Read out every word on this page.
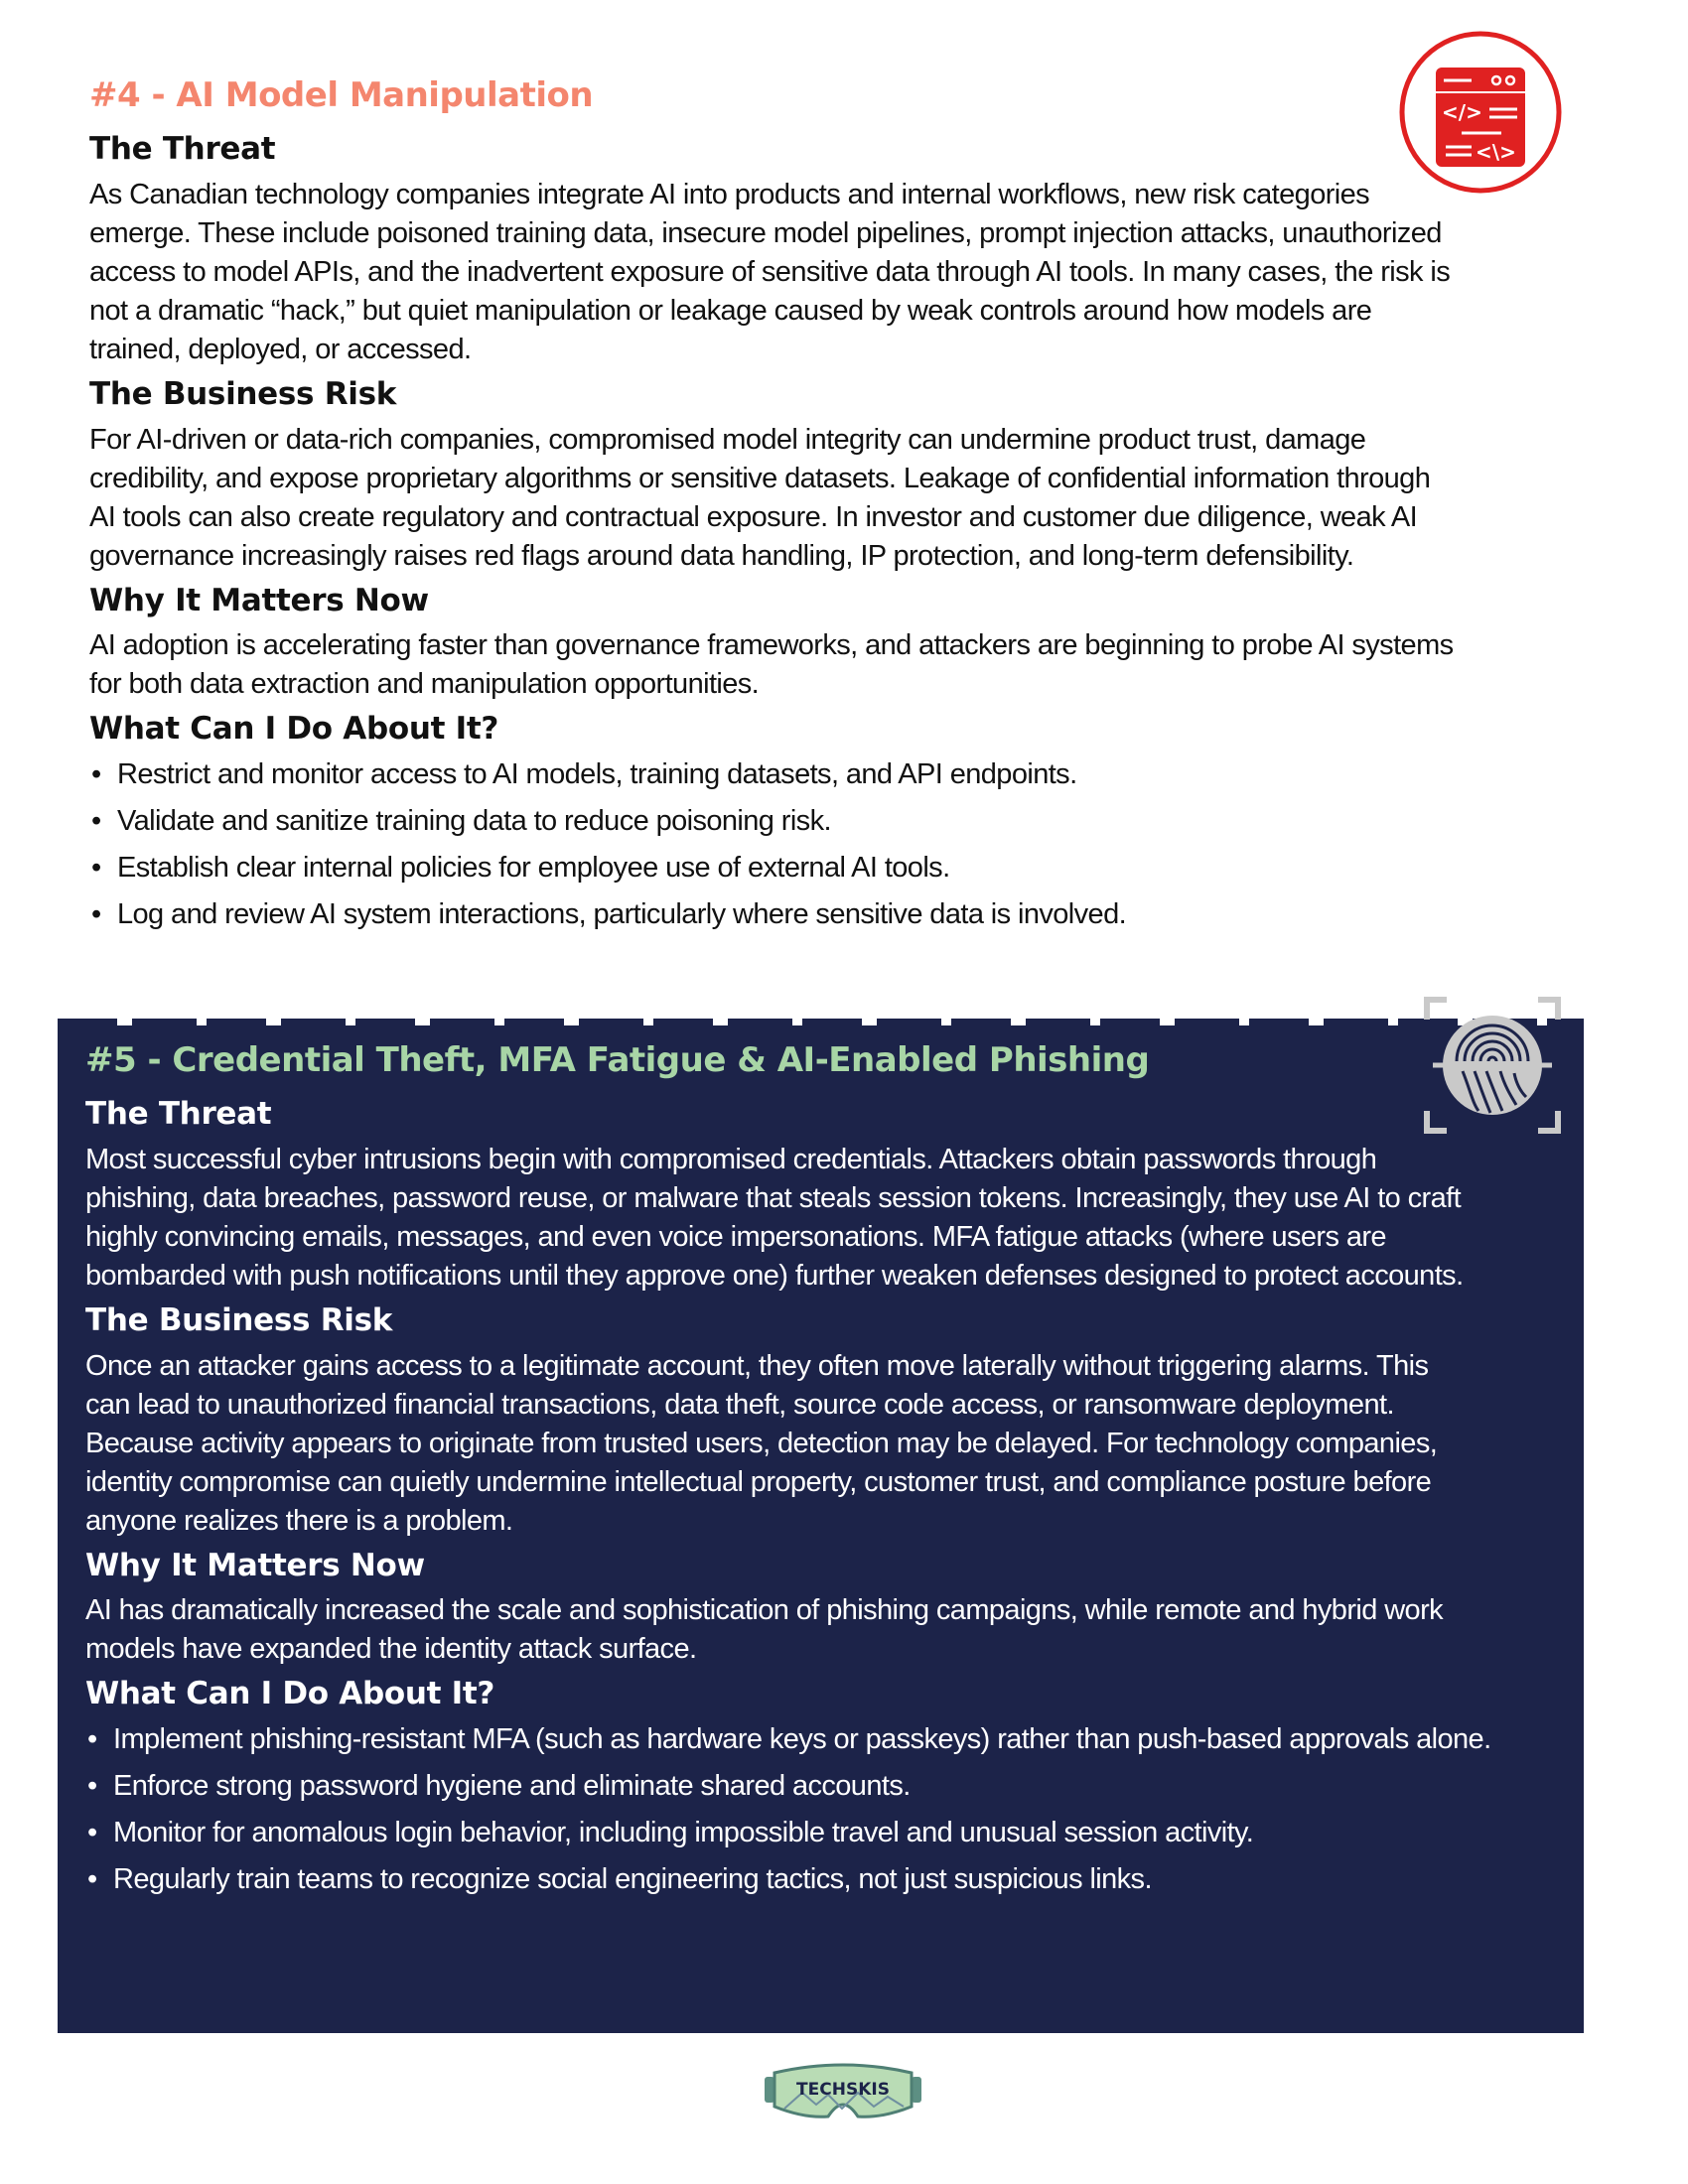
#4 - AI Model Manipulation
The Threat
As Canadian technology companies integrate AI into products and internal workflows, new risk categories
emerge. These include poisoned training data, insecure model pipelines, prompt injection attacks, unauthorized
access to model APIs, and the inadvertent exposure of sensitive data through AI tools. In many cases, the risk is
not a dramatic “hack,” but quiet manipulation or leakage caused by weak controls around how models are
trained, deployed, or accessed.
The Business Risk
For AI-driven or data-rich companies, compromised model integrity can undermine product trust, damage
credibility, and expose proprietary algorithms or sensitive datasets. Leakage of confidential information through
AI tools can also create regulatory and contractual exposure. In investor and customer due diligence, weak AI
governance increasingly raises red flags around data handling, IP protection, and long-term defensibility.
Why It Matters Now
AI adoption is accelerating faster than governance frameworks, and attackers are beginning to probe AI systems
for both data extraction and manipulation opportunities.
What Can I Do About It?
• Restrict and monitor access to AI models, training datasets, and API endpoints.
• Validate and sanitize training data to reduce poisoning risk.
• Establish clear internal policies for employee use of external AI tools.
• Log and review AI system interactions, particularly where sensitive data is involved.
</>
<\>
#5 - Credential Theft, MFA Fatigue & AI-Enabled Phishing
The Threat
Most successful cyber intrusions begin with compromised credentials. Attackers obtain passwords through
phishing, data breaches, password reuse, or malware that steals session tokens. Increasingly, they use AI to craft
highly convincing emails, messages, and even voice impersonations. MFA fatigue attacks (where users are
bombarded with push notifications until they approve one) further weaken defenses designed to protect accounts.
The Business Risk
Once an attacker gains access to a legitimate account, they often move laterally without triggering alarms. This
can lead to unauthorized financial transactions, data theft, source code access, or ransomware deployment.
Because activity appears to originate from trusted users, detection may be delayed. For technology companies,
identity compromise can quietly undermine intellectual property, customer trust, and compliance posture before
anyone realizes there is a problem.
Why It Matters Now
AI has dramatically increased the scale and sophistication of phishing campaigns, while remote and hybrid work
models have expanded the identity attack surface.
What Can I Do About It?
• Implement phishing-resistant MFA (such as hardware keys or passkeys) rather than push-based approvals alone.
• Enforce strong password hygiene and eliminate shared accounts.
• Monitor for anomalous login behavior, including impossible travel and unusual session activity.
• Regularly train teams to recognize social engineering tactics, not just suspicious links.
TECHSKIS
